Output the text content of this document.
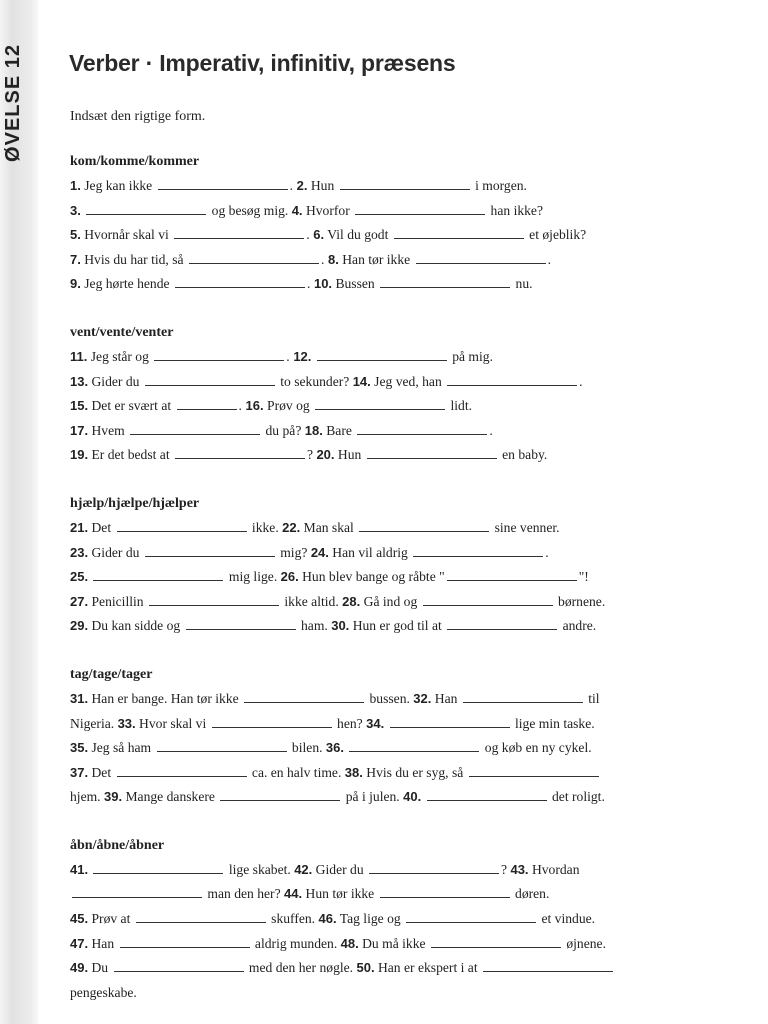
ØVELSE 12 Verber · Imperativ, infinitiv, præsens
Indsæt den rigtige form.
kom/komme/kommer
1. Jeg kan ikke	. 2. Hun	i morgen.
3.	og besøg mig. 4. Hvorfor	han ikke?
5. Hvornår skal vi	. 6. Vil du godt	et øjeblik?
7. Hvis du har tid, så	. 8. Han tør ikke	.
9. Jeg hørte hende	. 10. Bussen	nu.
vent/vente/venter
11. Jeg står og	. 12.	på mig.
13. Gider du	to sekunder? 14. Jeg ved, han	.
15. Det er svært at	. 16. Prøv og	lidt.
17. Hvem	du på? 18. Bare	.
19. Er det bedst at	? 20. Hun	en baby.
hjælp/hjælpe/hjælper
21. Det	ikke. 22. Man skal	sine venner.
23. Gider du	mig? 24. Han vil aldrig	.
25.	mig lige. 26. Hun blev bange og råbte "	"!
27. Penicillin	ikke altid. 28. Gå ind og	børnene.
29. Du kan sidde og	ham. 30. Hun er god til at	andre.
tag/tage/tager
31. Han er bange. Han tør ikke	bussen. 32. Han	til
Nigeria. 33. Hvor skal vi	hen? 34.	lige min taske.
35. Jeg så ham	bilen. 36.	og køb en ny cykel.
37. Det	ca. en halv time. 38. Hvis du er syg, så
hjem. 39. Mange danskere	på i julen. 40.	det roligt.
åbn/åbne/åbner
41.	lige skabet. 42. Gider du	? 43. Hvordan
man den her? 44. Hun tør ikke	døren.
45. Prøv at	skuffen. 46. Tag lige og	et vindue.
47. Han	aldrig munden. 48. Du må ikke	øjnene.
49. Du	med den her nøgle. 50. Han er ekspert i at
pengeskabe.
